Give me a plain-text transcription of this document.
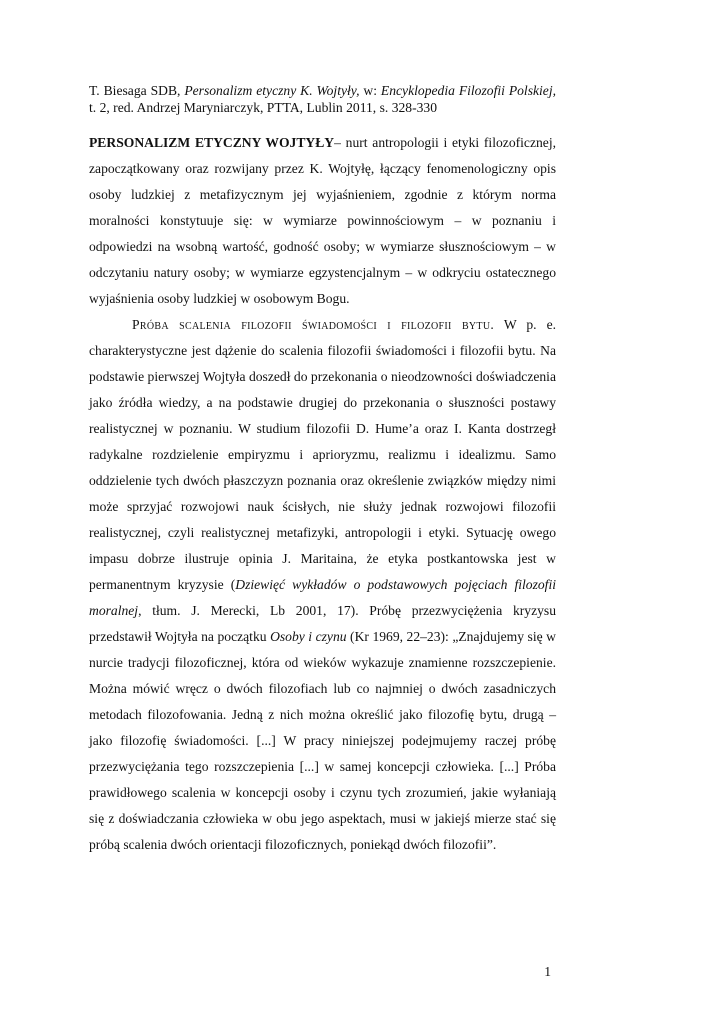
T. Biesaga SDB, Personalizm etyczny K. Wojtyły, w: Encyklopedia Filozofii Polskiej, t. 2, red. Andrzej Maryniarczyk, PTTA, Lublin 2011, s. 328-330

PERSONALIZM ETYCZNY WOJTYŁY– nurt antropologii i etyki filozoficznej, zapoczątkowany oraz rozwijany przez K. Wojtyłę, łączący fenomenologiczny opis osoby ludzkiej z metafizycznym jej wyjaśnieniem, zgodnie z którym norma moralności konstytuuje się: w wymiarze powinnościowym – w poznaniu i odpowiedzi na wsobną wartość, godność osoby; w wymiarze słusznościowym – w odczytaniu natury osoby; w wymiarze egzystencjalnym – w odkryciu ostatecznego wyjaśnienia osoby ludzkiej w osobowym Bogu.

Próba scalenia filozofii świadomości i filozofii bytu. W p. e. charakterystyczne jest dążenie do scalenia filozofii świadomości i filozofii bytu. Na podstawie pierwszej Wojtyła doszedł do przekonania o nieodzowności doświadczenia jako źródła wiedzy, a na podstawie drugiej do przekonania o słuszności postawy realistycznej w poznaniu. W studium filozofii D. Hume’a oraz I. Kanta dostrzegł radykalne rozdzielenie empiryzmu i aprioryzmu, realizmu i idealizmu. Samo oddzielenie tych dwóch płaszczyzn poznania oraz określenie związków między nimi może sprzyjać rozwojowi nauk ścisłych, nie służy jednak rozwojowi filozofii realistycznej, czyli realistycznej metafizyki, antropologii i etyki. Sytuację owego impasu dobrze ilustruje opinia J. Maritaina, że etyka postkantowska jest w permanentnym kryzysie (Dziewięć wykładów o podstawowych pojęciach filozofii moralnej, tłum. J. Merecki, Lb 2001, 17). Próbę przezwyciężenia kryzysu przedstawił Wojtyła na początku Osoby i czynu (Kr 1969, 22–23): „Znajdujemy się w nurcie tradycji filozoficznej, która od wieków wykazuje znamienne rozszczepienie. Można mówić wręcz o dwóch filozofiach lub co najmniej o dwóch zasadniczych metodach filozofowania. Jedną z nich można określić jako filozofię bytu, drugą – jako filozofię świadomości. [...] W pracy niniejszej podejmujemy raczej próbę przezwyciężania tego rozszczepienia [...] w samej koncepcji człowieka. [...] Próba prawidłowego scalenia w koncepcji osoby i czynu tych zrozumień, jakie wyłaniają się z doświadczania człowieka w obu jego aspektach, musi w jakiejś mierze stać się próbą scalenia dwóch orientacji filozoficznych, poniekąd dwóch filozofii”.

1
